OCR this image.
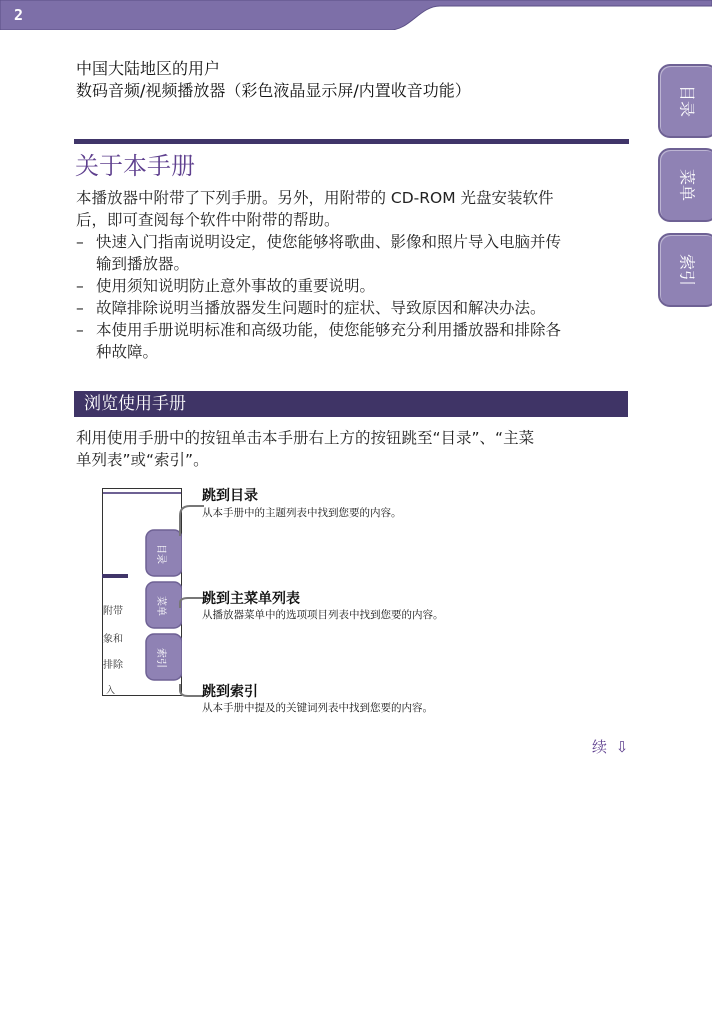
2
目录
菜单
索引
中国大陆地区的用户
数码音频/视频播放器（彩色液晶显示屏/内置收音功能）
关于本手册
本播放器中附带了下列手册。另外，用附带的 CD-ROM 光盘安装软件
后，即可查阅每个软件中附带的帮助。
– 快速入门指南说明设定，使您能够将歌曲、影像和照片导入电脑并传
输到播放器。
– 使用须知说明防止意外事故的重要说明。
– 故障排除说明当播放器发生问题时的症状、导致原因和解决办法。
– 本使用手册说明标准和高级功能，使您能够充分利用播放器和排除各
种故障。
浏览使用手册
利用使用手册中的按钮单击本手册右上方的按钮跳至“目录”、“主菜
单列表”或“索引”。
目录
菜单
索引
附带
象和
排除
入
跳到目录
从本手册中的主题列表中找到您要的内容。
跳到主菜单列表
从播放器菜单中的选项项目列表中找到您要的内容。
跳到索引
从本手册中提及的关键词列表中找到您要的内容。
续 ⇩
